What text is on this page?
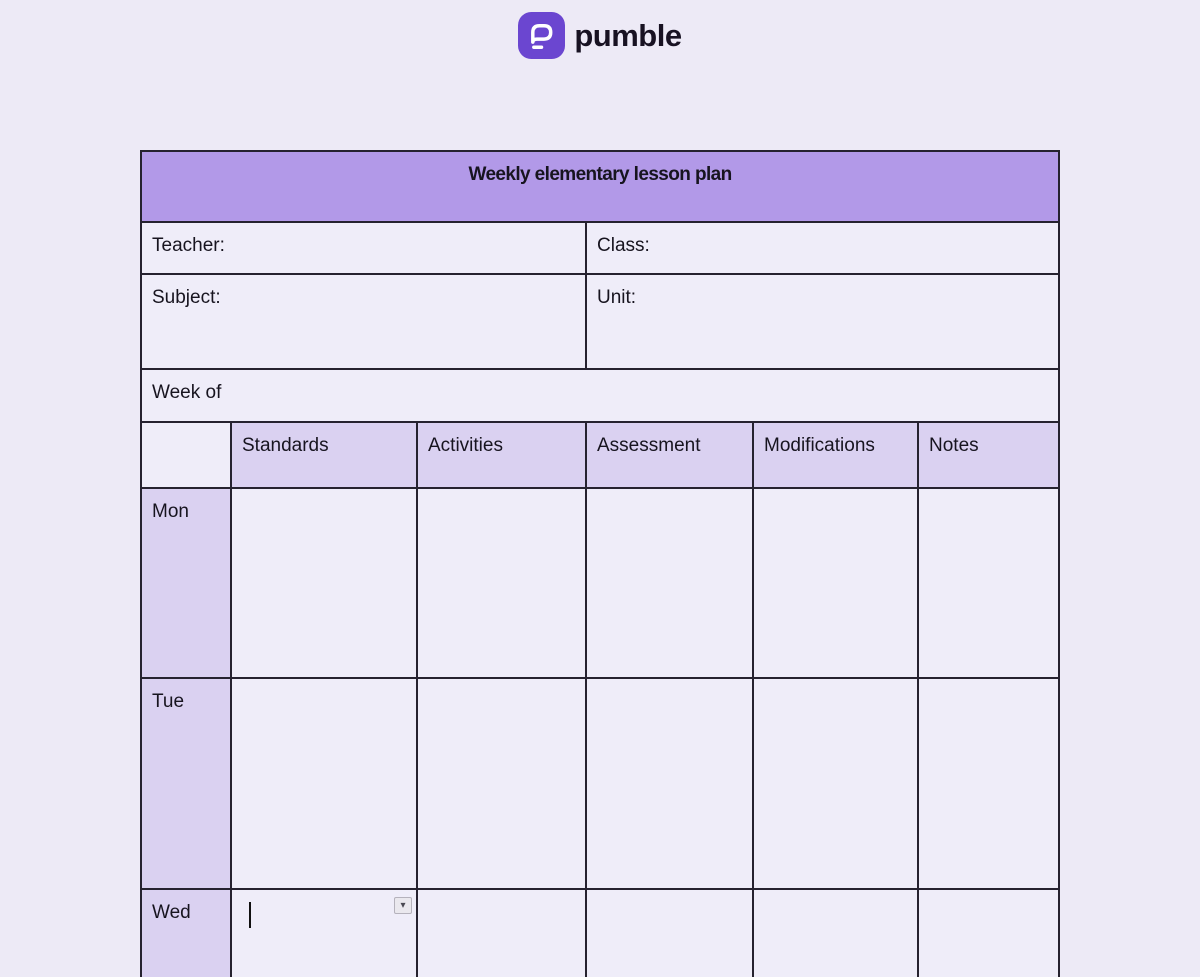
pumble
Weekly elementary lesson plan					
Teacher:			Class:		
Subject:			Unit:		
Week of					
	Standards	Activities	Assessment	Modifications	Notes
Mon					
Tue					
Wed	▾				
